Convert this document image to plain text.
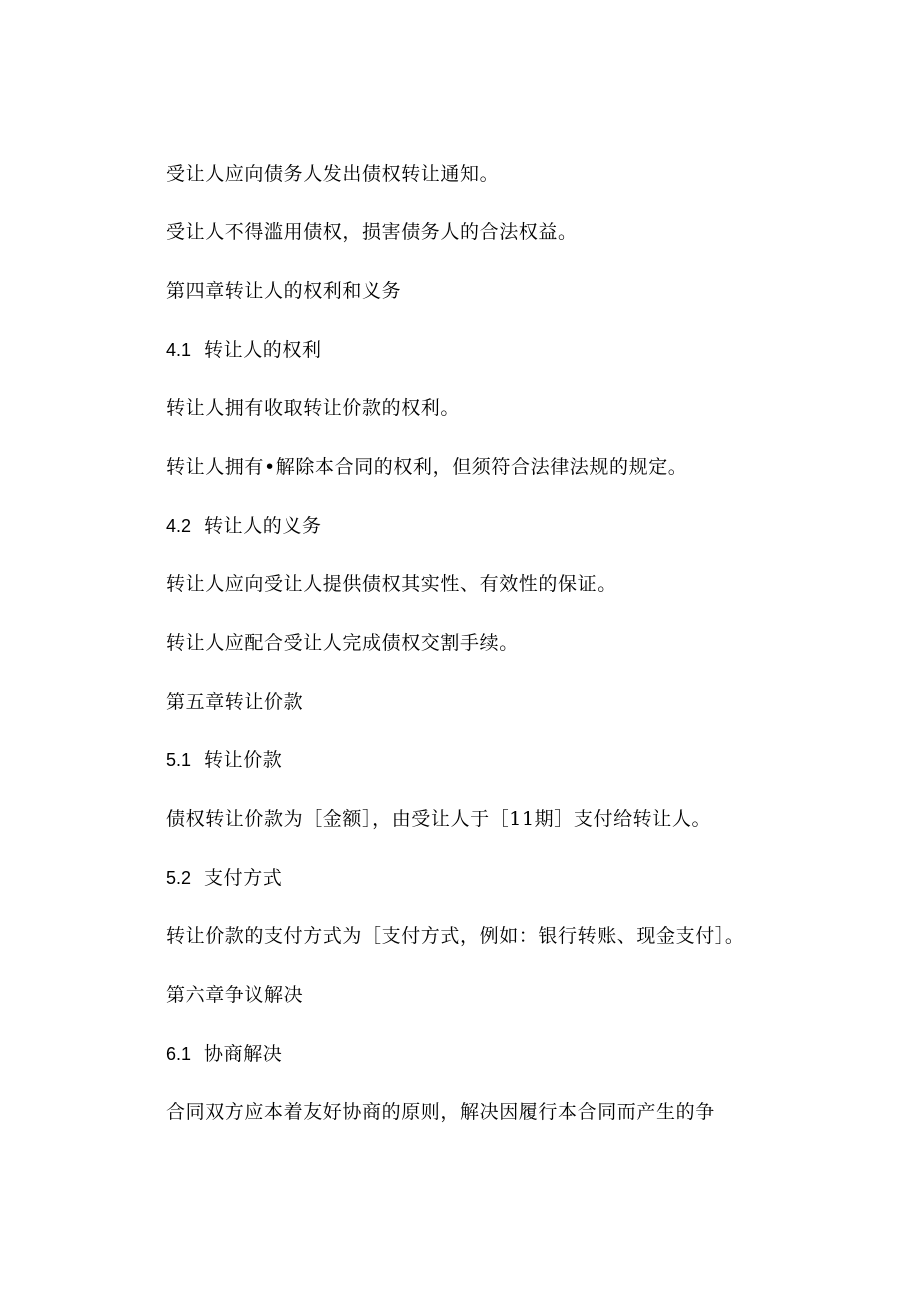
受让人应向债务人发出债权转让通知。
受让人不得滥用债权，损害债务人的合法权益。
第四章转让人的权利和义务
4.1 转让人的权利
转让人拥有收取转让价款的权利。
转让人拥有•解除本合同的权利，但须符合法律法规的规定。
4.2 转让人的义务
转让人应向受让人提供债权其实性、有效性的保证。
转让人应配合受让人完成债权交割手续。
第五章转让价款
5.1 转让价款
债权转让价款为［金额］，由受让人于［11期］支付给转让人。
5.2 支付方式
转让价款的支付方式为［支付方式，例如：银行转账、现金支付］。
第六章争议解决
6.1 协商解决
合同双方应本着友好协商的原则，解决因履行本合同而产生的争
